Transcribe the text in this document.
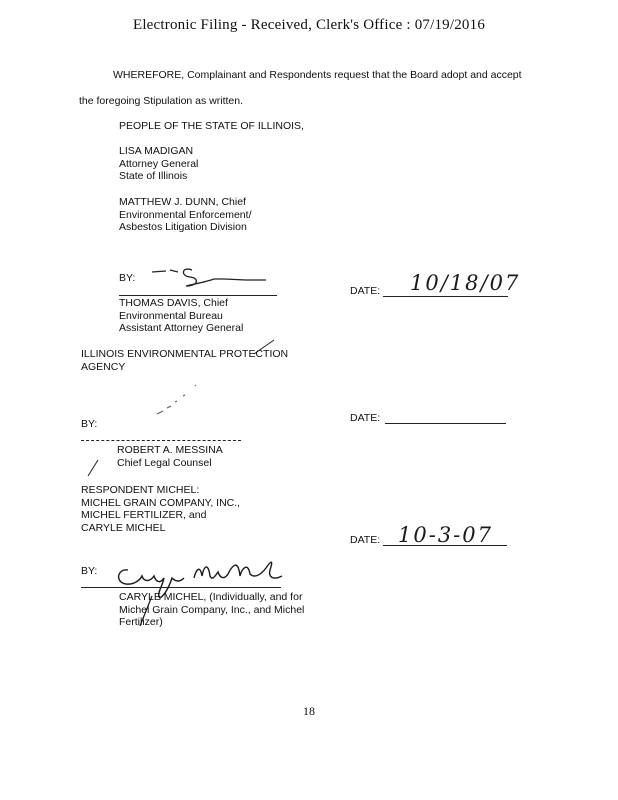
Electronic Filing - Received, Clerk's Office : 07/19/2016
WHEREFORE, Complainant and Respondents request that the Board adopt and accept
the foregoing Stipulation as written.
PEOPLE OF THE STATE OF ILLINOIS,
LISA MADIGAN
Attorney General
State of Illinois
MATTHEW J. DUNN, Chief
Environmental Enforcement/
Asbestos Litigation Division
BY:
DATE: 10/18/07
THOMAS DAVIS, Chief
Environmental Bureau
Assistant Attorney General
ILLINOIS ENVIRONMENTAL PROTECTION
AGENCY
BY:	DATE:
ROBERT A. MESSINA
Chief Legal Counsel
RESPONDENT MICHEL:
MICHEL GRAIN COMPANY, INC.,
MICHEL FERTILIZER, and
CARYLE MICHEL
DATE: 10-3-07
BY:
CARYLE MICHEL, (Individually, and for
Michel Grain Company, Inc., and Michel
Fertilizer)
18
